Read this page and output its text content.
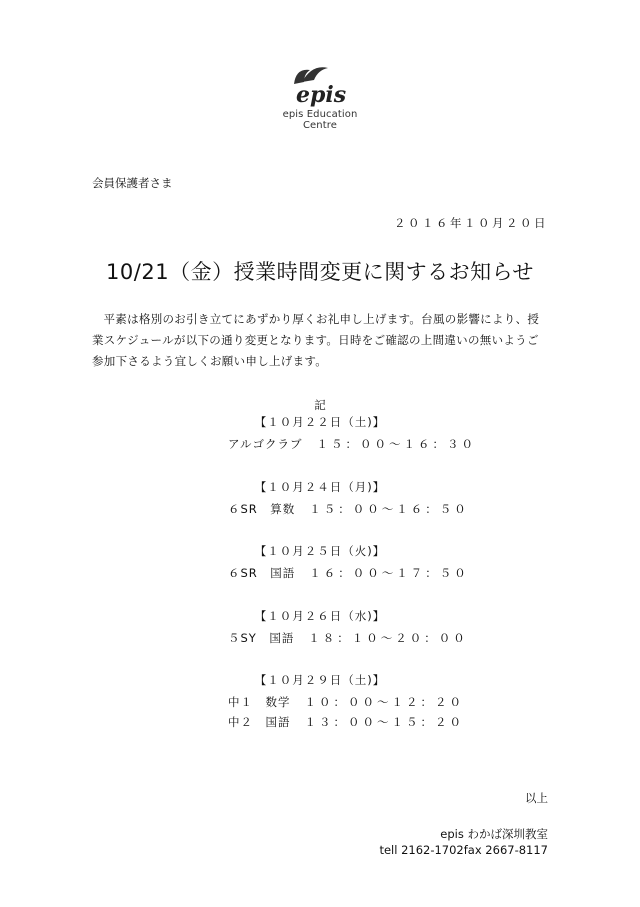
epis
epis Education Centre
会員保護者さま
２０１６年１０月２０日
10/21（金）授業時間変更に関するお知らせ
平素は格別のお引き立てにあずかり厚くお礼申し上げます。台風の影響により、授業スケジュールが以下の通り変更となります。日時をご確認の上間違いの無いようご参加下さるよう宜しくお願い申し上げます。
記
【１０月２２日（土)】
アルゴクラブ １５：００～１６：３０
【１０月２４日（月)】
６SR　算数 １５：００～１６：５０
【１０月２５日（火)】
６SR　国語 １６：００～１７：５０
【１０月２６日（水)】
５SY　国語 １８：１０～２０：００
【１０月２９日（土)】
中１　数学 １０：００～１２：２０
中２　国語 １３：００～１５：２０
以上
epis わかば深圳教室
tell 2162-1702fax 2667-8117
